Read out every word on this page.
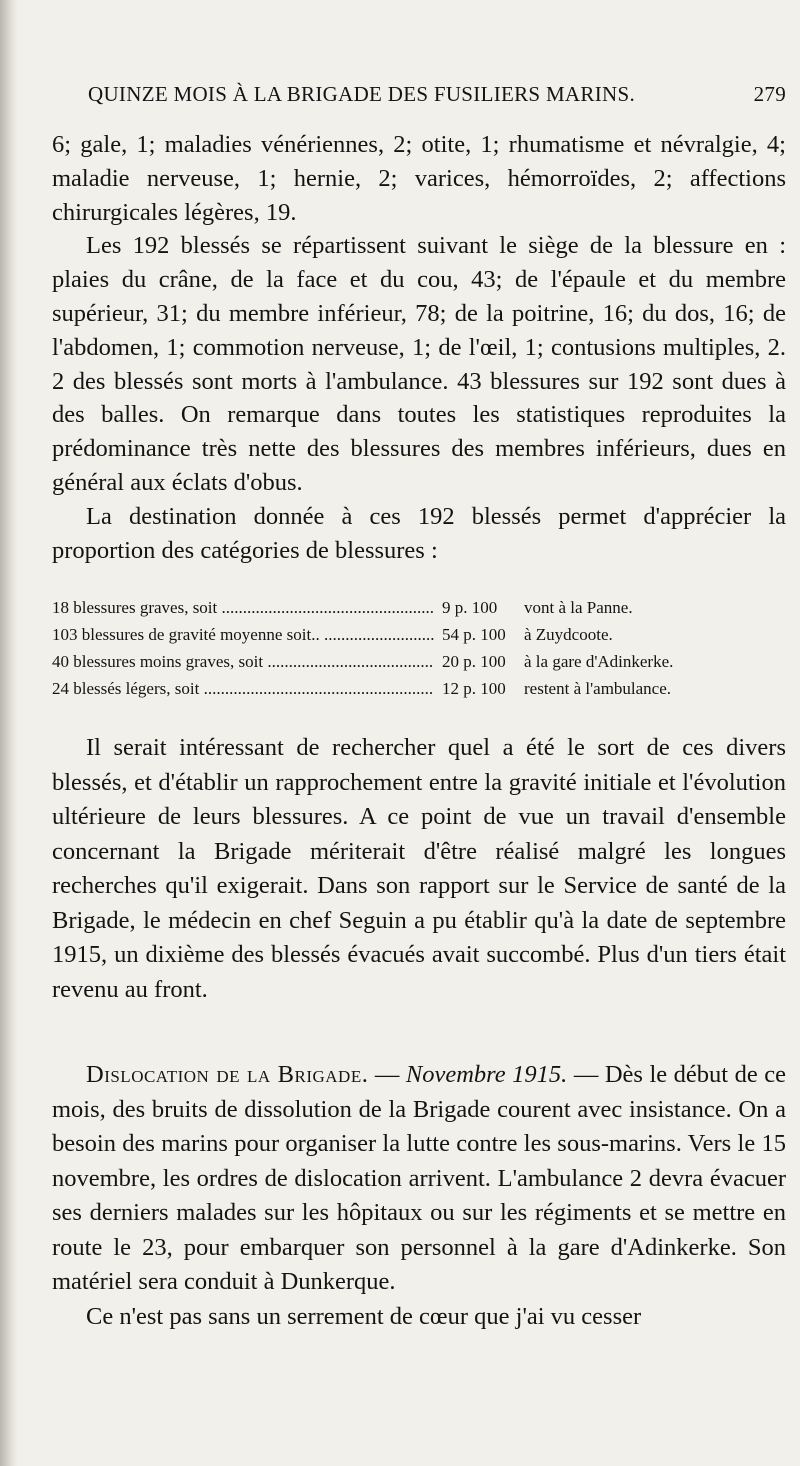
QUINZE MOIS À LA BRIGADE DES FUSILIERS MARINS.	279

6; gale, 1; maladies vénériennes, 2; otite, 1; rhumatisme et névralgie, 4; maladie nerveuse, 1; hernie, 2; varices, hémorroïdes, 2; affections chirurgicales légères, 19.

Les 192 blessés se répartissent suivant le siège de la blessure en : plaies du crâne, de la face et du cou, 43; de l'épaule et du membre supérieur, 31; du membre inférieur, 78; de la poitrine, 16; du dos, 16; de l'abdomen, 1; commotion nerveuse, 1; de l'œil, 1; contusions multiples, 2. 2 des blessés sont morts à l'ambulance. 43 blessures sur 192 sont dues à des balles. On remarque dans toutes les statistiques reproduites la prédominance très nette des blessures des membres inférieurs, dues en général aux éclats d'obus.

La destination donnée à ces 192 blessés permet d'apprécier la proportion des catégories de blessures :

18 blessures graves, soit .....	9 p. 100	vont à la Panne.
103 blessures de gravité moyenne soit.. .....	54 p. 100	à Zuydcoote.
40 blessures moins graves, soit .....	20 p. 100	à la gare d'Adinkerke.
24 blessés légers, soit .....	12 p. 100	restent à l'ambulance.

Il serait intéressant de rechercher quel a été le sort de ces divers blessés, et d'établir un rapprochement entre la gravité initiale et l'évolution ultérieure de leurs blessures. A ce point de vue un travail d'ensemble concernant la Brigade mériterait d'être réalisé malgré les longues recherches qu'il exigerait. Dans son rapport sur le Service de santé de la Brigade, le médecin en chef Seguin a pu établir qu'à la date de septembre 1915, un dixième des blessés évacués avait succombé. Plus d'un tiers était revenu au front.

Dislocation de la Brigade. — Novembre 1915. — Dès le début de ce mois, des bruits de dissolution de la Brigade courent avec insistance. On a besoin des marins pour organiser la lutte contre les sous-marins. Vers le 15 novembre, les ordres de dislocation arrivent. L'ambulance 2 devra évacuer ses derniers malades sur les hôpitaux ou sur les régiments et se mettre en route le 23, pour embarquer son personnel à la gare d'Adinkerke. Son matériel sera conduit à Dunkerque.

Ce n'est pas sans un serrement de cœur que j'ai vu cesser
